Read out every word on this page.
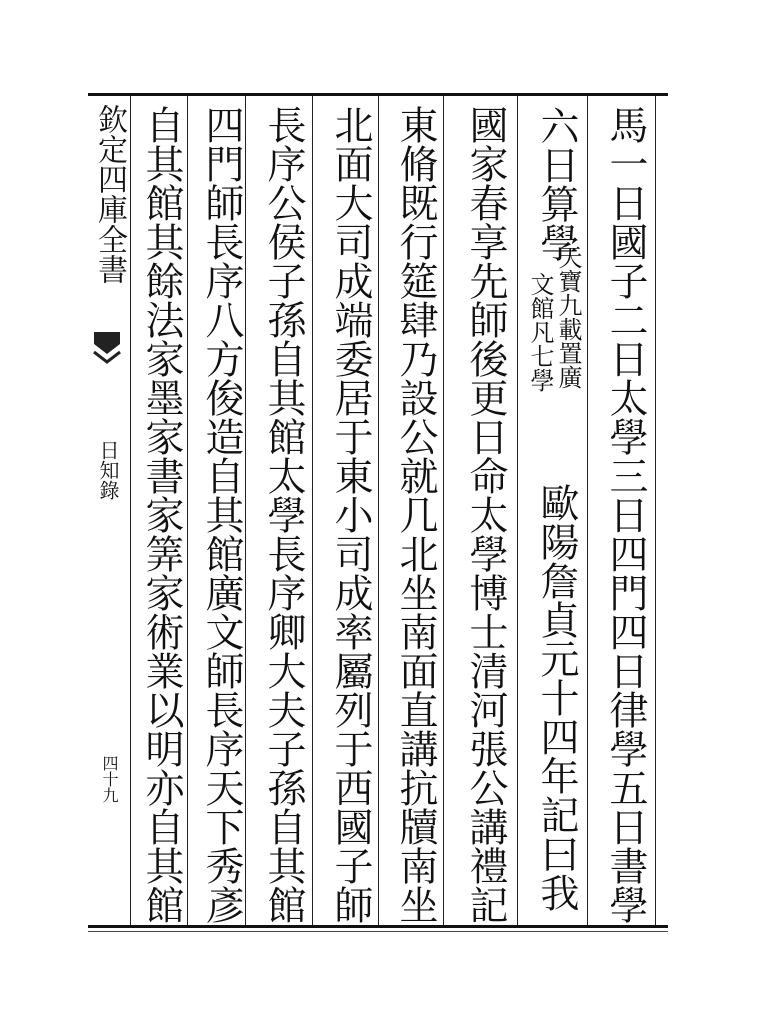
欽定四庫全書
日知錄
四十九	馬一日國子二日太學三日四門四日律學五日書學
六日算學
天寶九載置廣
文館凡七學
歐陽詹貞元十四年記曰我
國家春享先師後更日命太學博士清河張公講禮記
東脩既行筵肆乃設公就几北坐南面直講抗牘南坐
北面大司成端委居于東小司成率屬列于西國子師
長序公侯子孫自其館太學長序卿大夫子孫自其館
四門師長序八方俊造自其館廣文師長序天下秀彥
自其館其餘法家墨家書家筭家術業以明亦自其館
